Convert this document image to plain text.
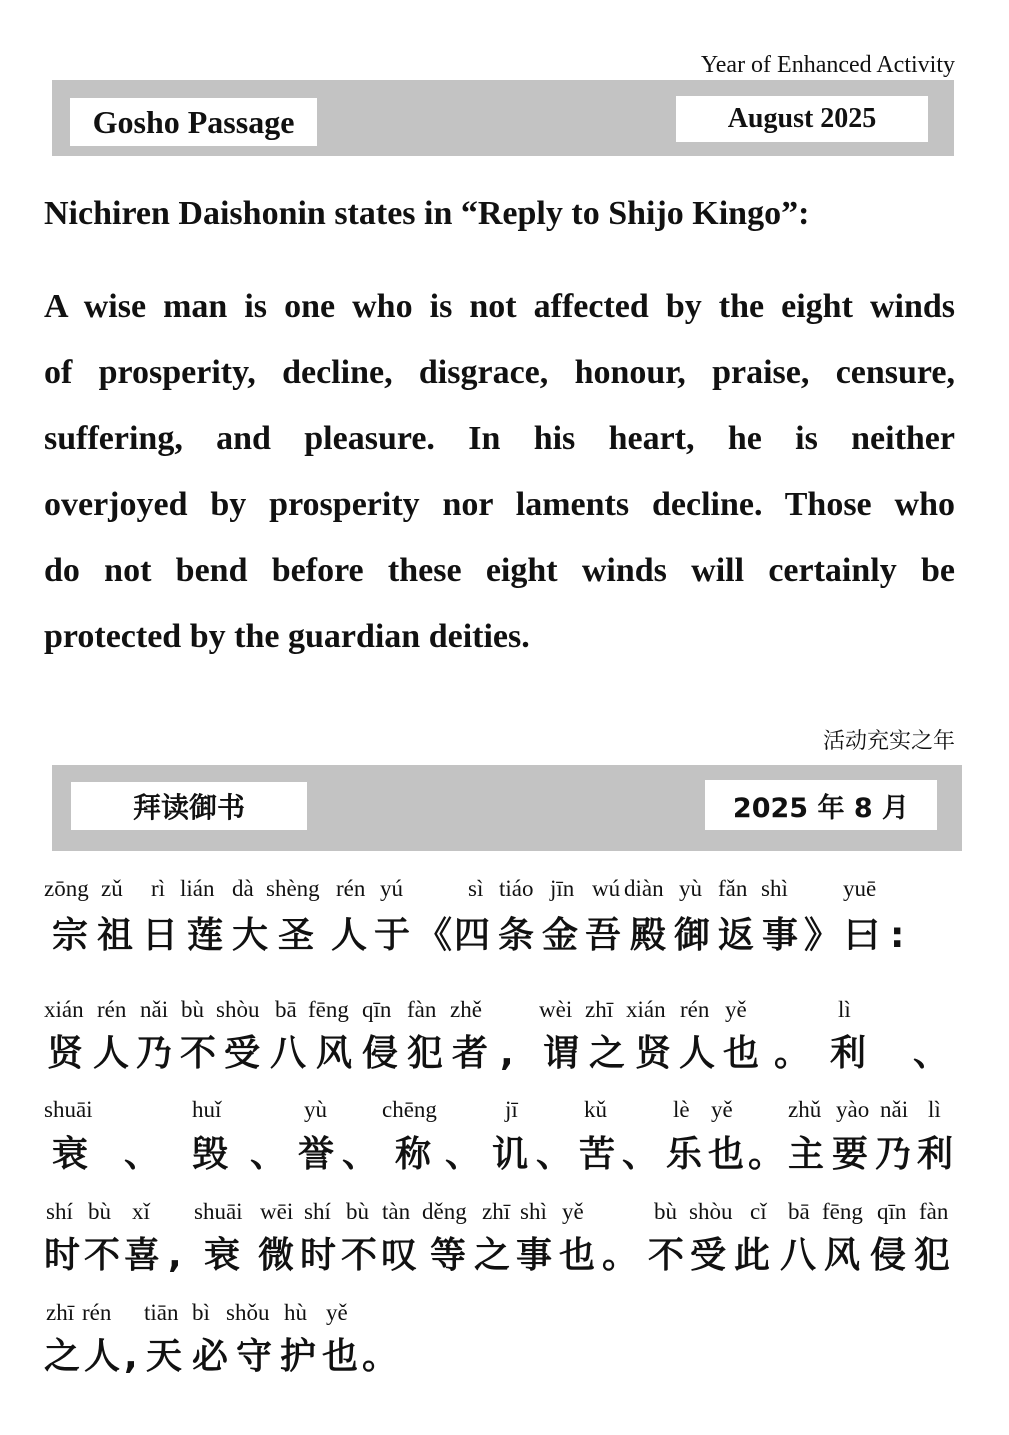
Year of Enhanced Activity
Gosho Passage	August 2025
Nichiren Daishonin states in “Reply to Shijo Kingo”:
A wise man is one who is not affected by the eight winds
of prosperity, decline, disgrace, honour, praise, censure,
suffering, and pleasure. In his heart, he is neither
overjoyed by prosperity nor laments decline. Those who
do not bend before these eight winds will certainly be
protected by the guardian deities.
活动充实之年
拜读御书	2025 年 8 月
zōng zǔ rì lián dà shèng rén yú	sì tiáo jīn wú diàn yù fǎn shì yuē
宗 祖 日 莲 大 圣 人 于 《 四 条 金 吾 殿 御 返 事 》 曰 :
xián rén nǎi bù shòu bā fēng qīn fàn zhě wèi zhī xián rén yě	lì
贤 人 乃 不 受 八 风 侵 犯 者 , 谓 之 贤 人 也 。 利 、
shuāi	huǐ	yù chēng	jī	kǔ	lè yě zhǔ yào nǎi lì
衰 、 毁 、 誉 、 称 、 讥 、 苦 、 乐 也 。 主 要 乃 利
shí bù xǐ shuāi wēi shí bù tàn děng zhī shì yě	bù shòu cǐ bā fēng qīn fàn
时 不 喜 , 衰 微 时 不 叹 等 之 事 也 。 不 受 此 八 风 侵 犯
zhī rén tiān bì shǒu hù yě
之 人 , 天 必 守 护 也 。
